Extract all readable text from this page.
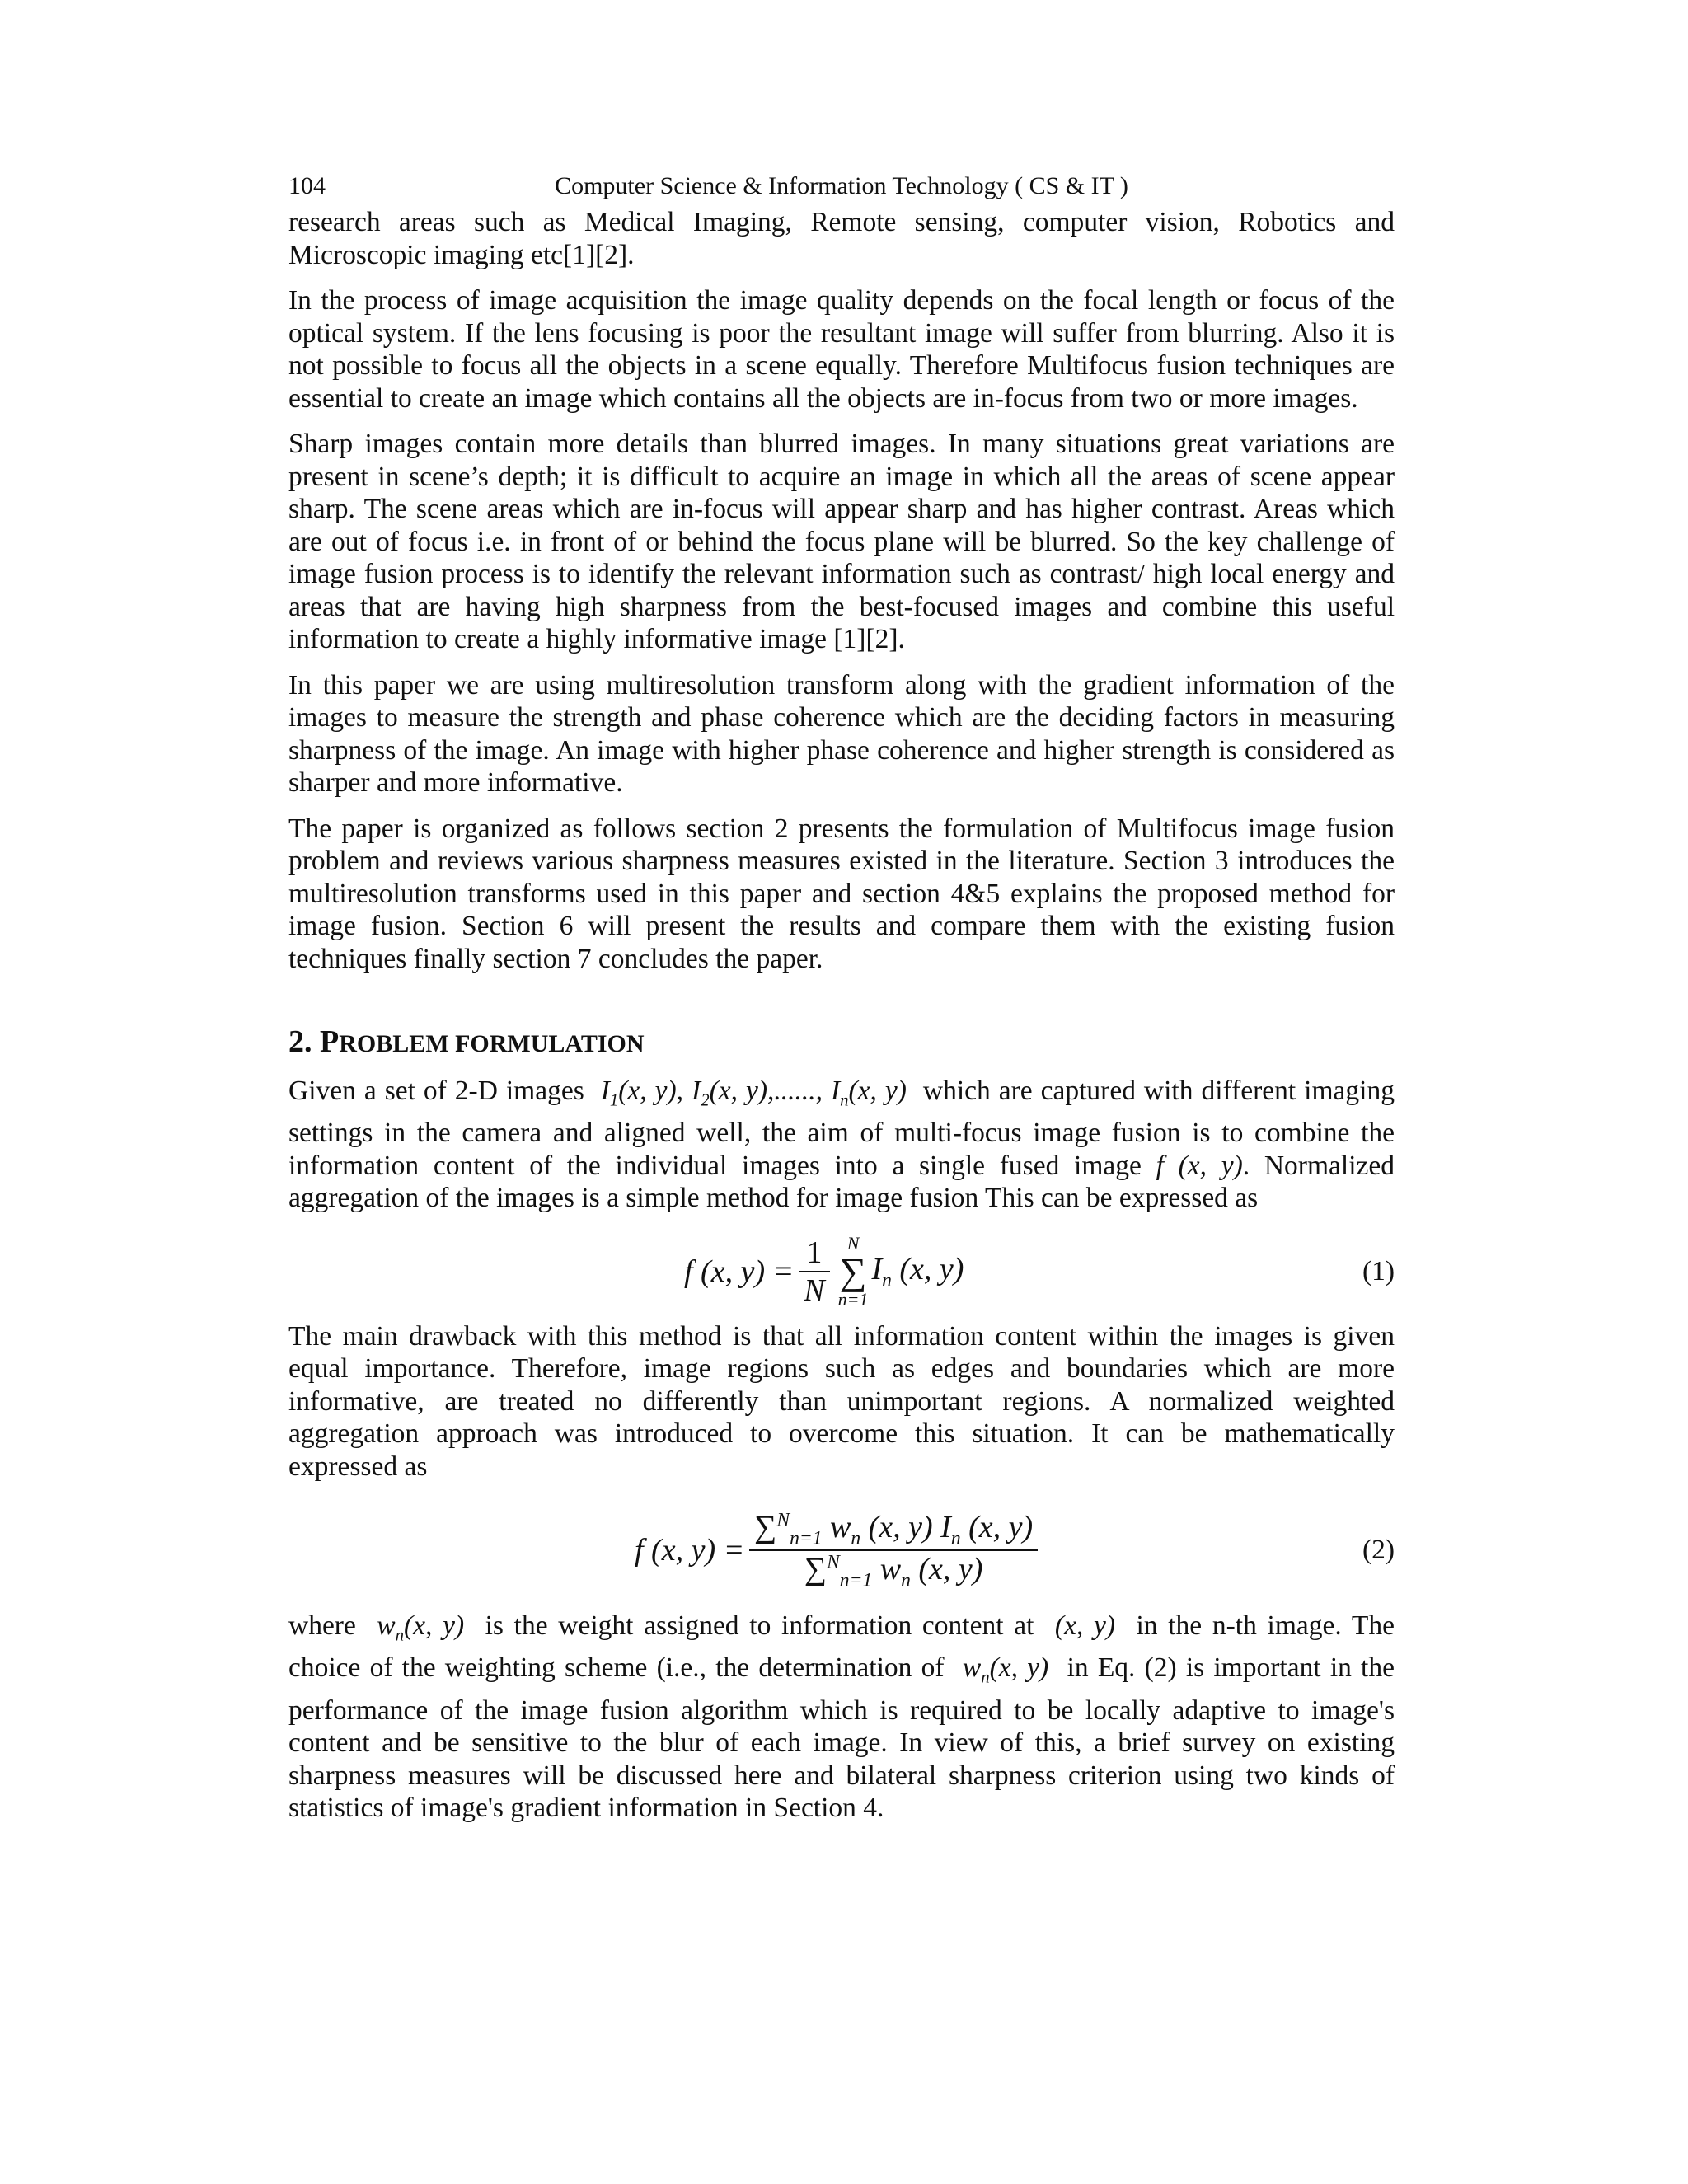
104	Computer Science & Information Technology ( CS & IT )

research areas such as Medical Imaging, Remote sensing, computer vision, Robotics and Microscopic imaging etc[1][2].

In the process of image acquisition the image quality depends on the focal length or focus of the optical system. If the lens focusing is poor the resultant image will suffer from blurring. Also it is not possible to focus all the objects in a scene equally. Therefore Multifocus fusion techniques are essential to create an image which contains all the objects are in-focus from two or more images.

Sharp images contain more details than blurred images. In many situations great variations are present in scene’s depth; it is difficult to acquire an image in which all the areas of scene appear sharp. The scene areas which are in-focus will appear sharp and has higher contrast. Areas which are out of focus i.e. in front of or behind the focus plane will be blurred. So the key challenge of image fusion process is to identify the relevant information such as contrast/ high local energy and areas that are having high sharpness from the best-focused images and combine this useful information to create a highly informative image [1][2].

In this paper we are using multiresolution transform along with the gradient information of the images to measure the strength and phase coherence which are the deciding factors in measuring sharpness of the image. An image with higher phase coherence and higher strength is considered as sharper and more informative.

The paper is organized as follows section 2 presents the formulation of Multifocus image fusion problem and reviews various sharpness measures existed in the literature. Section 3 introduces the multiresolution transforms used in this paper and section 4&5 explains the proposed method for image fusion. Section 6 will present the results and compare them with the existing fusion techniques finally section 7 concludes the paper.

2. PROBLEM FORMULATION

Given a set of 2-D images  $I_1(x$, y), $I_2(x$, y),......, $I_n(x$, y)  which are captured with different imaging settings in the camera and aligned well, the aim of multi-focus image fusion is to combine the information content of the individual images into a single fused image f (x, y). Normalized aggregation of the images is a simple method for image fusion This can be expressed as

f (x, $y) = \frac{1}{N}$ N
∑
n=1
$I_n$ (x, y)	(1)

The main drawback with this method is that all information content within the images is given equal importance. Therefore, image regions such as edges and boundaries which are more informative, are treated no differently than unimportant regions. A normalized weighted aggregation approach was introduced to overcome this situation. It can be mathematically expressed as

f (x, $y) = \frac{\sum^N_{n=1} w_n (x, y) I_n (x, y)}{\sum^N_{n=1} w_n (x, y)}$	(2)

where  $w_n(x$, y)  is the weight assigned to information content at  (x, y)  in the n-th image. The choice of the weighting scheme (i.e., the determination of  $w_n(x$, y)  in Eq. (2) is important in the performance of the image fusion algorithm which is required to be locally adaptive to image's content and be sensitive to the blur of each image. In view of this, a brief survey on existing sharpness measures will be discussed here and bilateral sharpness criterion using two kinds of statistics of image's gradient information in Section 4.
